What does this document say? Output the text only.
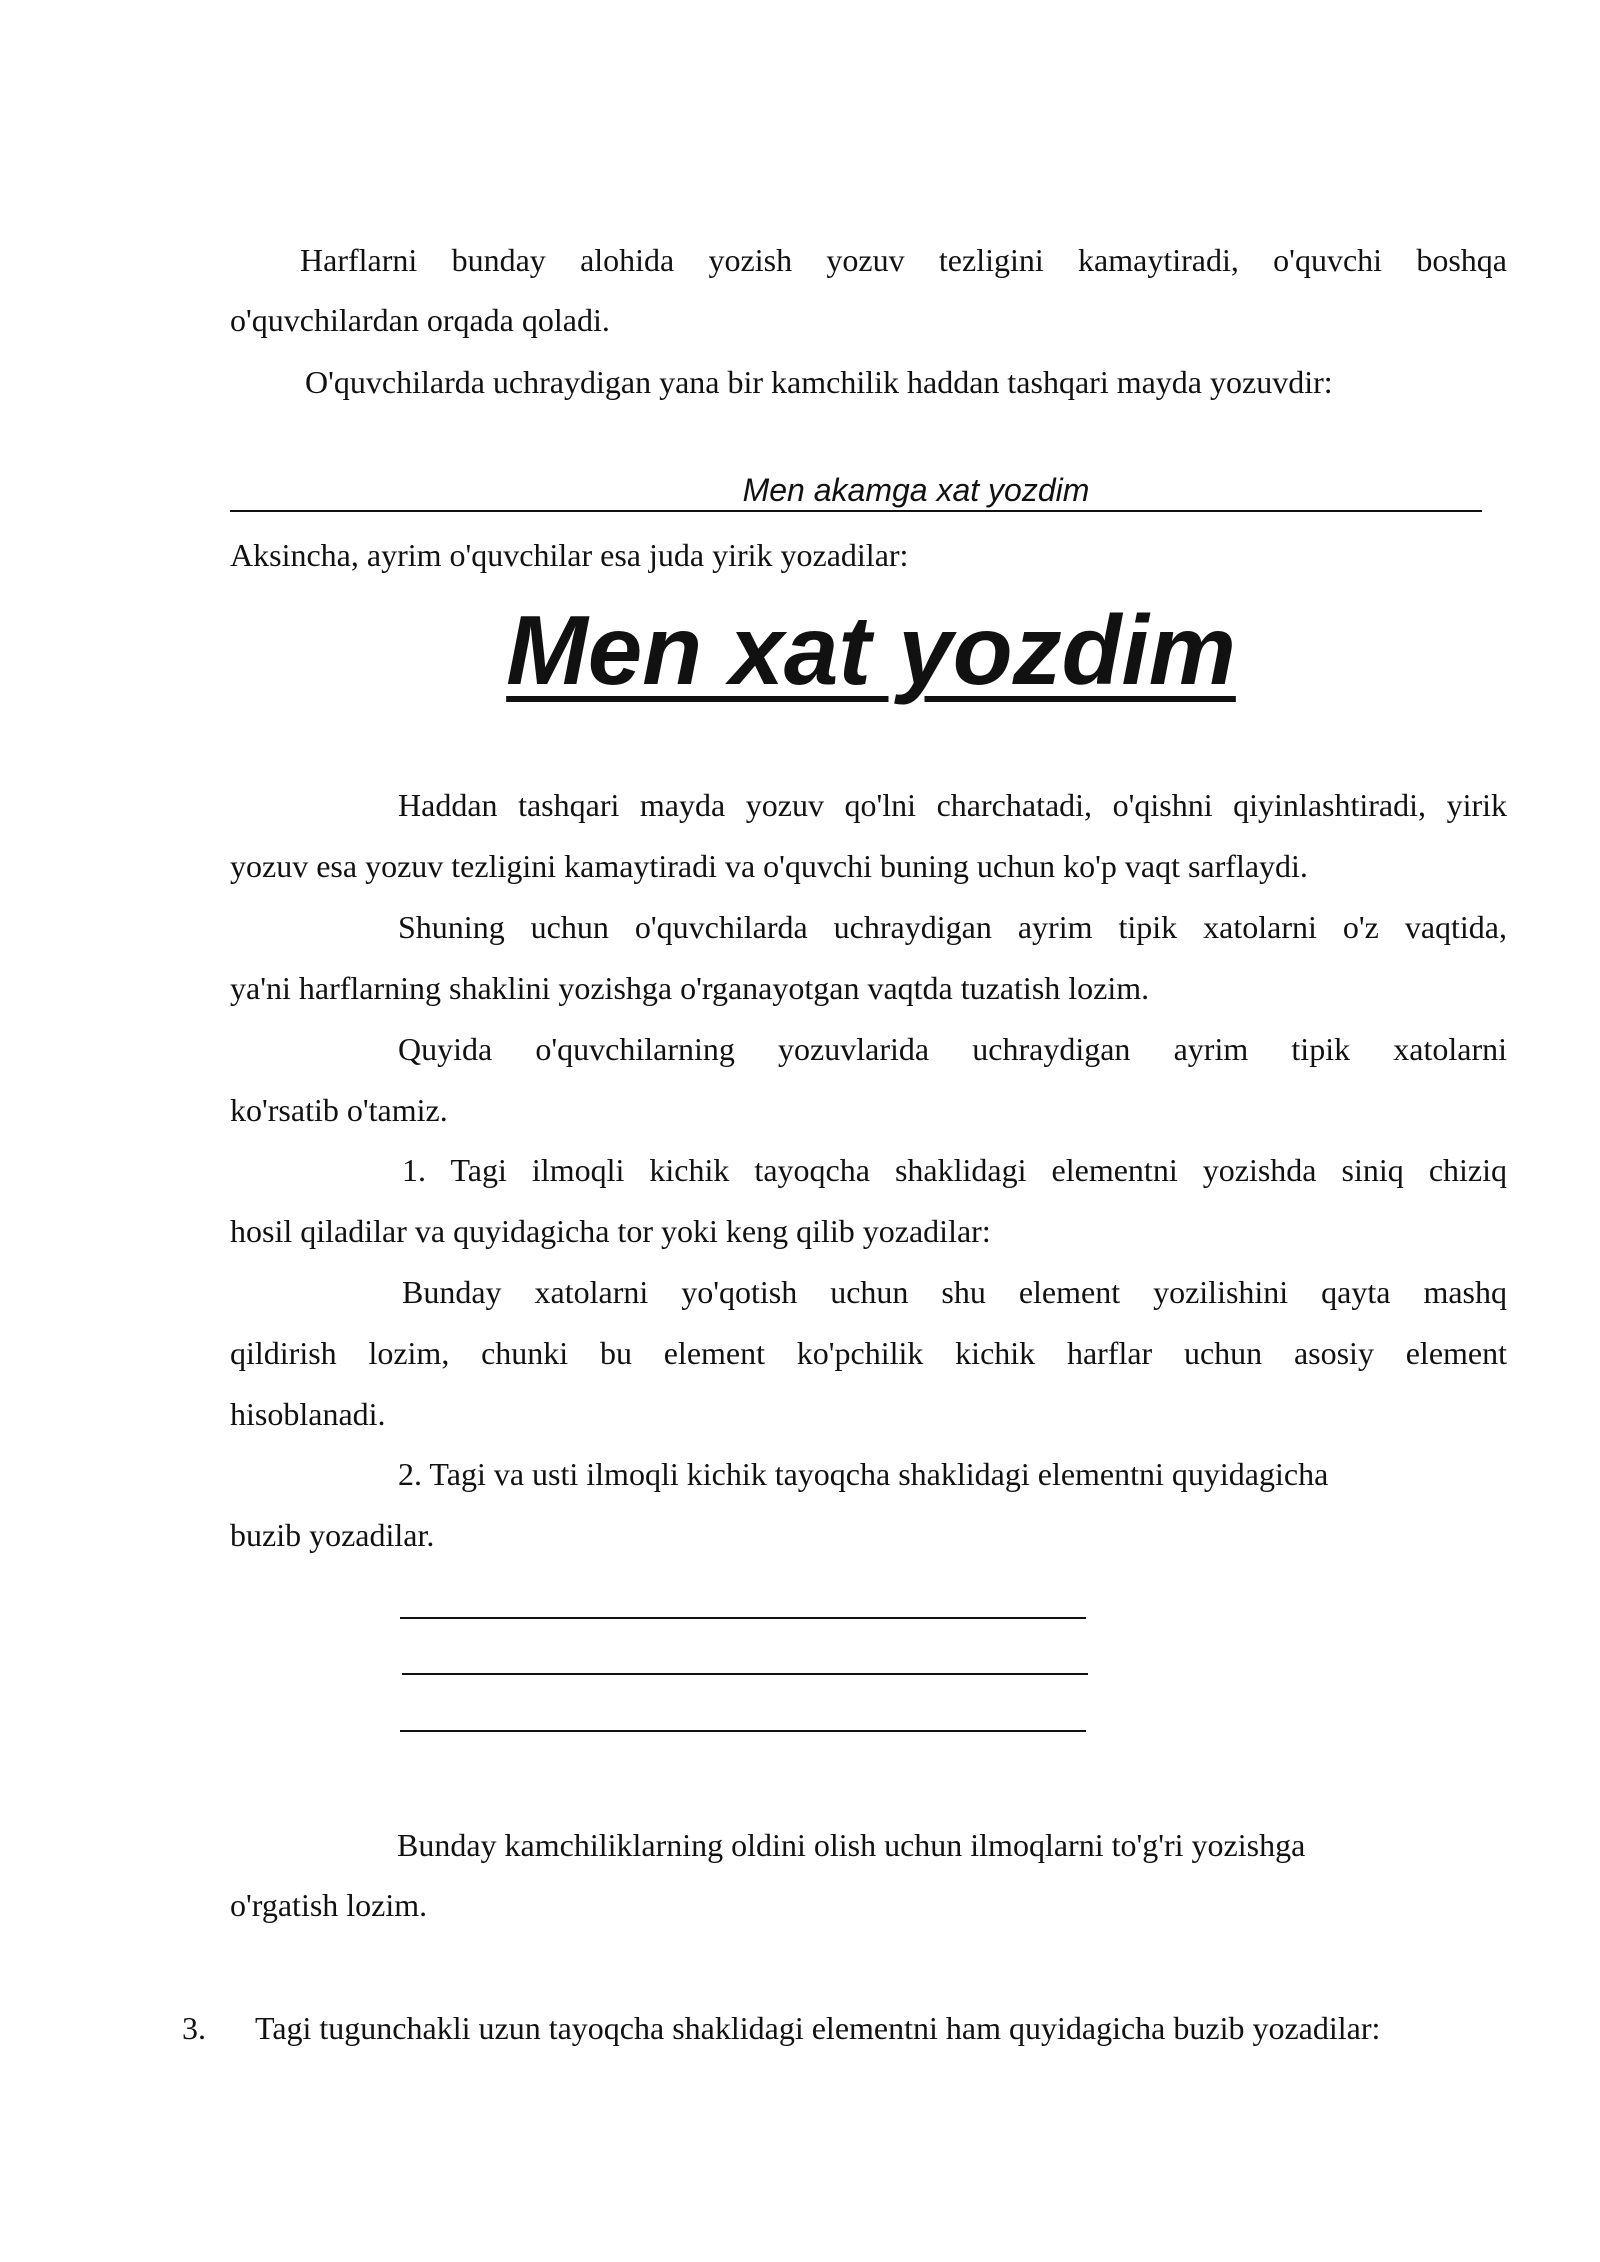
Harflarni bunday alohida yozish yozuv tezligini kamaytiradi, o'quvchi boshqa
o'quvchilardan orqada qoladi.
O'quvchilarda uchraydigan yana bir kamchilik haddan tashqari mayda yozuvdir:
Men akamga xat yozdim
Aksincha, ayrim o'quvchilar esa juda yirik yozadilar:
Men xat yozdim
Haddan tashqari mayda yozuv qo'lni charchatadi, o'qishni qiyinlashtiradi, yirik
yozuv esa yozuv tezligini kamaytiradi va o'quvchi buning uchun ko'p vaqt sarflaydi.
Shuning uchun o'quvchilarda uchraydigan ayrim tipik xatolarni o'z vaqtida,
ya'ni harflarning shaklini yozishga o'rganayotgan vaqtda tuzatish lozim.
Quyida o'quvchilarning yozuvlarida uchraydigan ayrim tipik xatolarni
ko'rsatib o'tamiz.
1. Tagi ilmoqli kichik tayoqcha shaklidagi elementni yozishda siniq chiziq
hosil qiladilar va quyidagicha tor yoki keng qilib yozadilar:
Bunday xatolarni yo'qotish uchun shu element yozilishini qayta mashq
qildirish lozim, chunki bu element ko'pchilik kichik harflar uchun asosiy element
hisoblanadi.
2. Tagi va usti ilmoqli kichik tayoqcha shaklidagi elementni quyidagicha
buzib yozadilar.
Bunday kamchiliklarning oldini olish uchun ilmoqlarni to'g'ri yozishga
o'rgatish lozim.
3. Tagi tugunchakli uzun tayoqcha shaklidagi elementni ham quyidagicha buzib yozadilar:
